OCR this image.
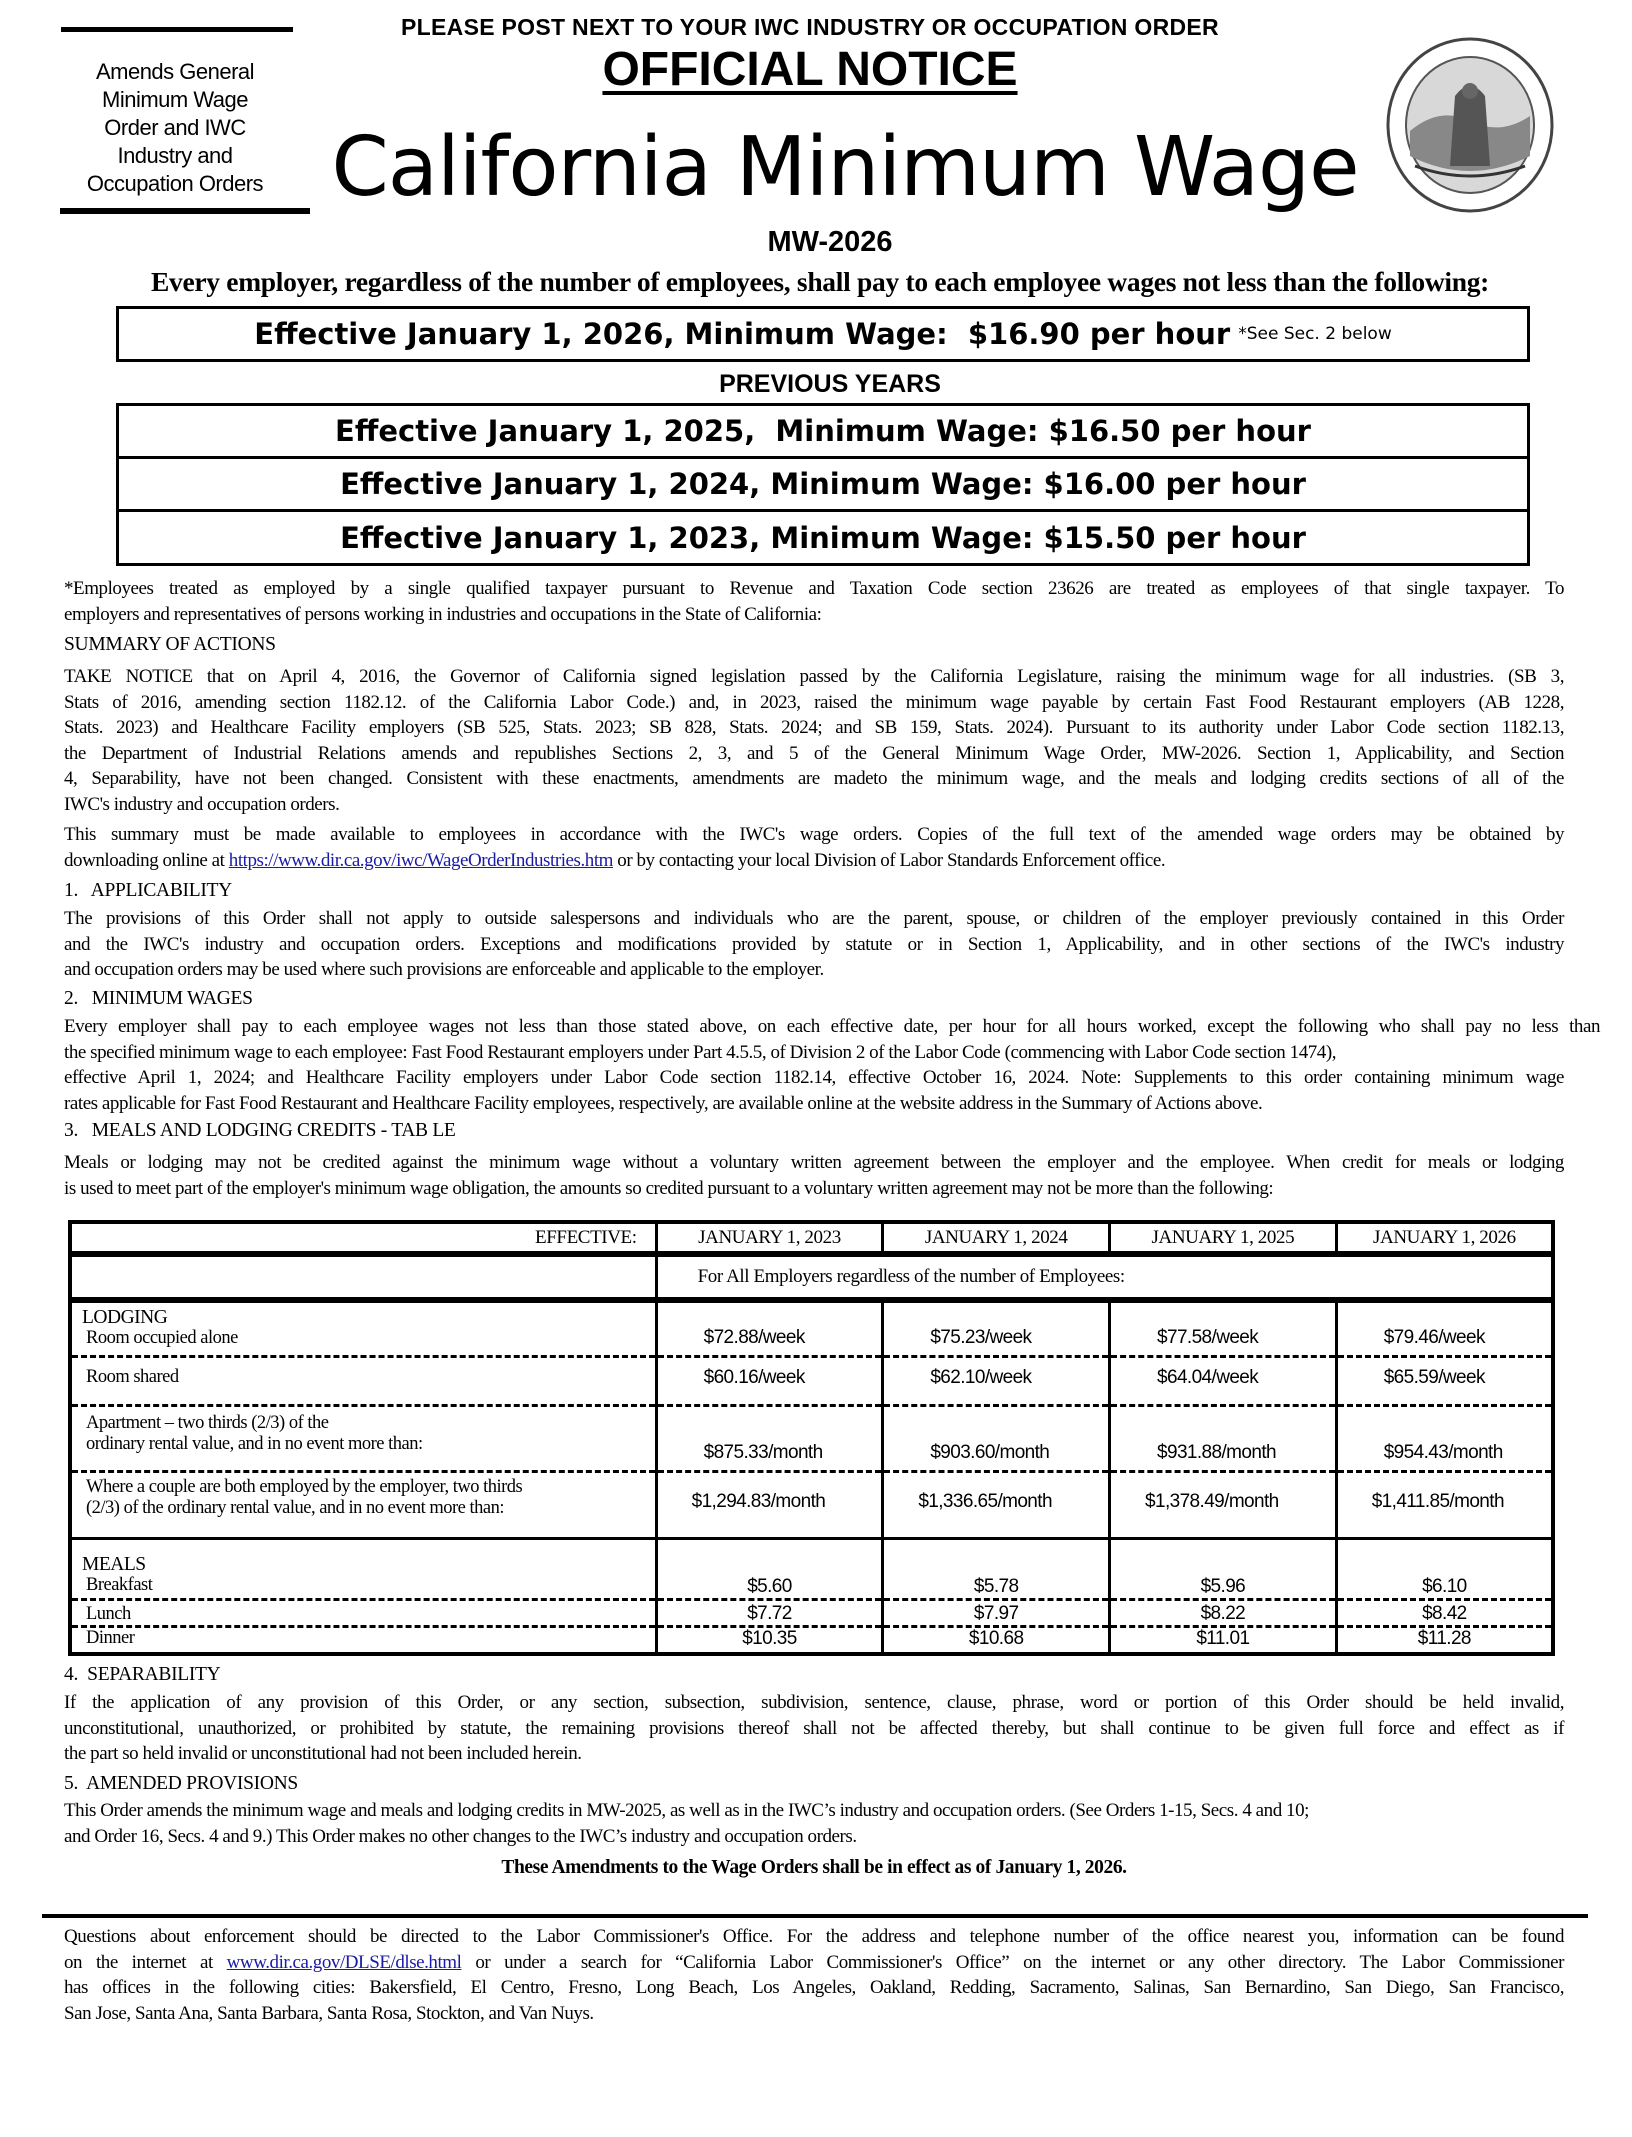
Amends General
Minimum Wage
Order and IWC
Industry and
Occupation Orders
PLEASE POST NEXT TO YOUR IWC INDUSTRY OR OCCUPATION ORDER
OFFICIAL NOTICE
California Minimum Wage
MW-2026
Every employer, regardless of the number of employees, shall pay to each employee wages not less than the following:
Effective January 1, 2026, Minimum Wage:  $16.90 per hour *See Sec. 2 below
PREVIOUS YEARS
Effective January 1, 2025,  Minimum Wage: $16.50 per hour
Effective January 1, 2024, Minimum Wage: $16.00 per hour
Effective January 1, 2023, Minimum Wage: $15.50 per hour
*Employees treated as employed by a single qualified taxpayer pursuant to Revenue and Taxation Code section 23626 are treated as employees of that single taxpayer. To
employers and representatives of persons working in industries and occupations in the State of California:
SUMMARY OF ACTIONS
TAKE NOTICE that on April 4, 2016, the Governor of California signed legislation passed by the California Legislature, raising the minimum wage for all industries. (SB 3,
Stats of 2016, amending section 1182.12. of the California Labor Code.) and, in 2023, raised the minimum wage payable by certain Fast Food Restaurant employers (AB 1228,
Stats. 2023) and Healthcare Facility employers (SB 525, Stats. 2023; SB 828, Stats. 2024; and SB 159, Stats. 2024). Pursuant to its authority under Labor Code section 1182.13,
the Department of Industrial Relations amends and republishes Sections 2, 3, and 5 of the General Minimum Wage Order, MW-2026. Section 1, Applicability, and Section
4, Separability, have not been changed. Consistent with these enactments, amendments are madeto the minimum wage, and the meals and lodging credits sections of all of the
IWC's industry and occupation orders.
This summary must be made available to employees in accordance with the IWC's wage orders. Copies of the full text of the amended wage orders may be obtained by
downloading online at https://www.dir.ca.gov/iwc/WageOrderIndustries.htm or by contacting your local Division of Labor Standards Enforcement office.
1.   APPLICABILITY
The provisions of this Order shall not apply to outside salespersons and individuals who are the parent, spouse, or children of the employer previously contained in this Order
and the IWC's industry and occupation orders. Exceptions and modifications provided by statute or in Section 1, Applicability, and in other sections of the IWC's industry
and occupation orders may be used where such provisions are enforceable and applicable to the employer.
2.   MINIMUM WAGES
Every employer shall pay to each employee wages not less than those stated above, on each effective date, per hour for all hours worked, except the following who shall pay no less than
the specified minimum wage to each employee: Fast Food Restaurant employers under Part 4.5.5, of Division 2 of the Labor Code (commencing with Labor Code section 1474),
effective April 1, 2024; and Healthcare Facility employers under Labor Code section 1182.14, effective October 16, 2024. Note: Supplements to this order containing minimum wage
rates applicable for Fast Food Restaurant and Healthcare Facility employees, respectively, are available online at the website address in the Summary of Actions above.
3.   MEALS AND LODGING CREDITS - TAB LE
Meals or lodging may not be credited against the minimum wage without a voluntary written agreement between the employer and the employee. When credit for meals or lodging
is used to meet part of the employer's minimum wage obligation, the amounts so credited pursuant to a voluntary written agreement may not be more than the following:
EFFECTIVE:	JANUARY 1, 2023	JANUARY 1, 2024	JANUARY 1, 2025	JANUARY 1, 2026
	For All Employers regardless of the number of Employees:			

LODGING
Room occupied alone	$72.88/week	$75.23/week	$77.58/week	$79.46/week
Room shared	$60.16/week	$62.10/week	$64.04/week	$65.59/week

Apartment – two thirds (2/3) of the
ordinary rental value, and in no event more than:	$875.33/month	$903.60/month	$931.88/month	$954.43/month

Where a couple are both employed by the employer, two thirds
(2/3) of the ordinary rental value, and in no event more than:	$1,294.83/month	$1,336.65/month	$1,378.49/month	$1,411.85/month

MEALS
Breakfast	$5.60	$5.78	$5.96	$6.10
Lunch	$7.72	$7.97	$8.22	$8.42
Dinner	$10.35	$10.68	$11.01	$11.28
4.  SEPARABILITY
If the application of any provision of this Order, or any section, subsection, subdivision, sentence, clause, phrase, word or portion of this Order should be held invalid,
unconstitutional, unauthorized, or prohibited by statute, the remaining provisions thereof shall not be affected thereby, but shall continue to be given full force and effect as if
the part so held invalid or unconstitutional had not been included herein.
5.  AMENDED PROVISIONS
This Order amends the minimum wage and meals and lodging credits in MW-2025, as well as in the IWC’s industry and occupation orders. (See Orders 1-15, Secs. 4 and 10;
and Order 16, Secs. 4 and 9.) This Order makes no other changes to the IWC’s industry and occupation orders.
These Amendments to the Wage Orders shall be in effect as of January 1, 2026.
Questions about enforcement should be directed to the Labor Commissioner's Office. For the address and telephone number of the office nearest you, information can be found
on the internet at www.dir.ca.gov/DLSE/dlse.html or under a search for “California Labor Commissioner's Office” on the internet or any other directory. The Labor Commissioner
has offices in the following cities: Bakersfield, El Centro, Fresno, Long Beach, Los Angeles, Oakland, Redding, Sacramento, Salinas, San Bernardino, San Diego, San Francisco,
San Jose, Santa Ana, Santa Barbara, Santa Rosa, Stockton, and Van Nuys.
